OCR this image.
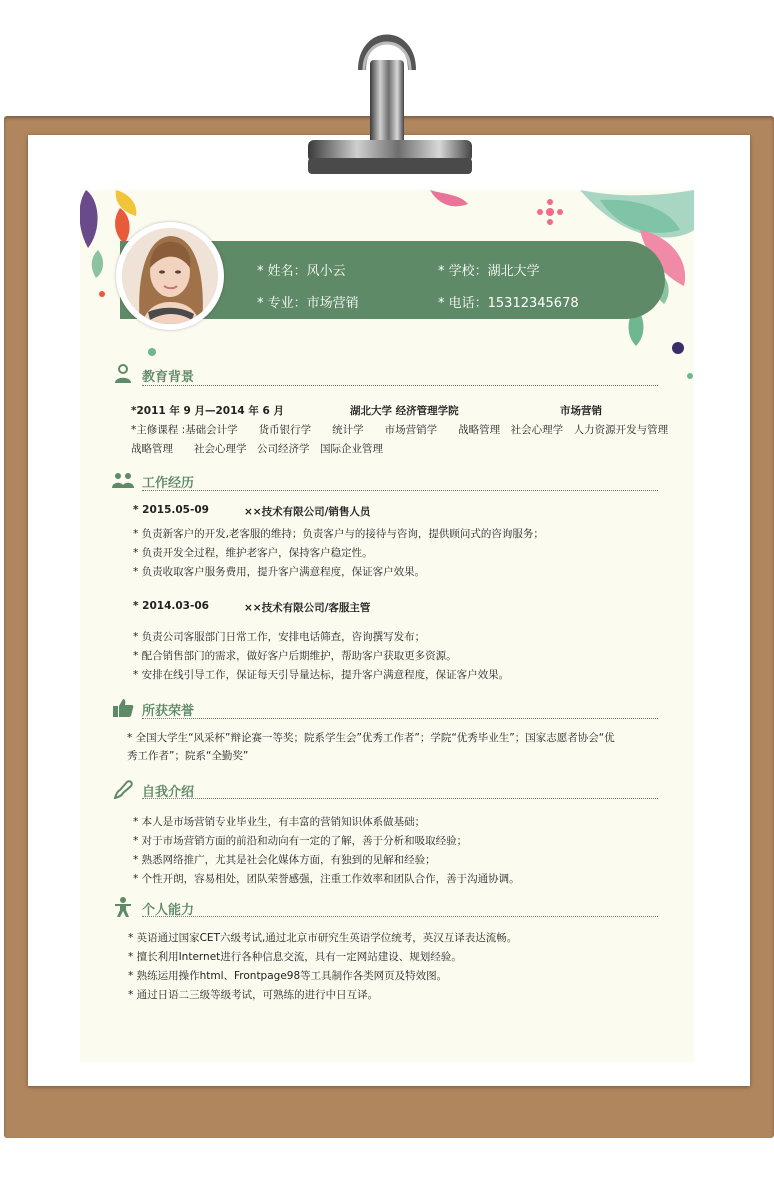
* 姓名：风小云	* 学校：湖北大学
* 专业：市场营销	* 电话：15312345678
教育背景
*2011 年 9 月—2014 年 6 月	湖北大学 经济管理学院	市场营销
*主修课程 :基础会计学　　货币银行学　　统计学　　市场营销学　　战略管理　社会心理学　人力资源开发与管理
战略管理　　社会心理学　公司经济学　国际企业管理
工作经历
* 2015.05-09	××技术有限公司/销售人员
* 负责新客户的开发,老客服的维持；负责客户与的接待与咨询，提供顾问式的咨询服务；
* 负责开发全过程，维护老客户，保持客户稳定性。
* 负责收取客户服务费用，提升客户满意程度，保证客户效果。
* 2014.03-06	××技术有限公司/客服主管
* 负责公司客服部门日常工作，安排电话筛查，咨询撰写发布；
* 配合销售部门的需求，做好客户后期维护，帮助客户获取更多资源。
* 安排在线引导工作，保证每天引导量达标，提升客户满意程度，保证客户效果。
所获荣誉
* 全国大学生“风采杯”辩论赛一等奖；院系学生会”优秀工作者”；学院“优秀毕业生”；国家志愿者协会“优
秀工作者”；院系“全勤奖”
自我介绍
* 本人是市场营销专业毕业生，有丰富的营销知识体系做基础；
* 对于市场营销方面的前沿和动向有一定的了解，善于分析和吸取经验；
* 熟悉网络推广，尤其是社会化媒体方面，有独到的见解和经验；
* 个性开朗，容易相处，团队荣誉感强，注重工作效率和团队合作，善于沟通协调。
个人能力
* 英语通过国家CET六级考试,通过北京市研究生英语学位统考，英汉互译表达流畅。
* 擅长利用Internet进行各种信息交流，具有一定网站建设、规划经验。
* 熟练运用操作html、Frontpage98等工具制作各类网页及特效图。
* 通过日语二三级等级考试，可熟练的进行中日互译。
